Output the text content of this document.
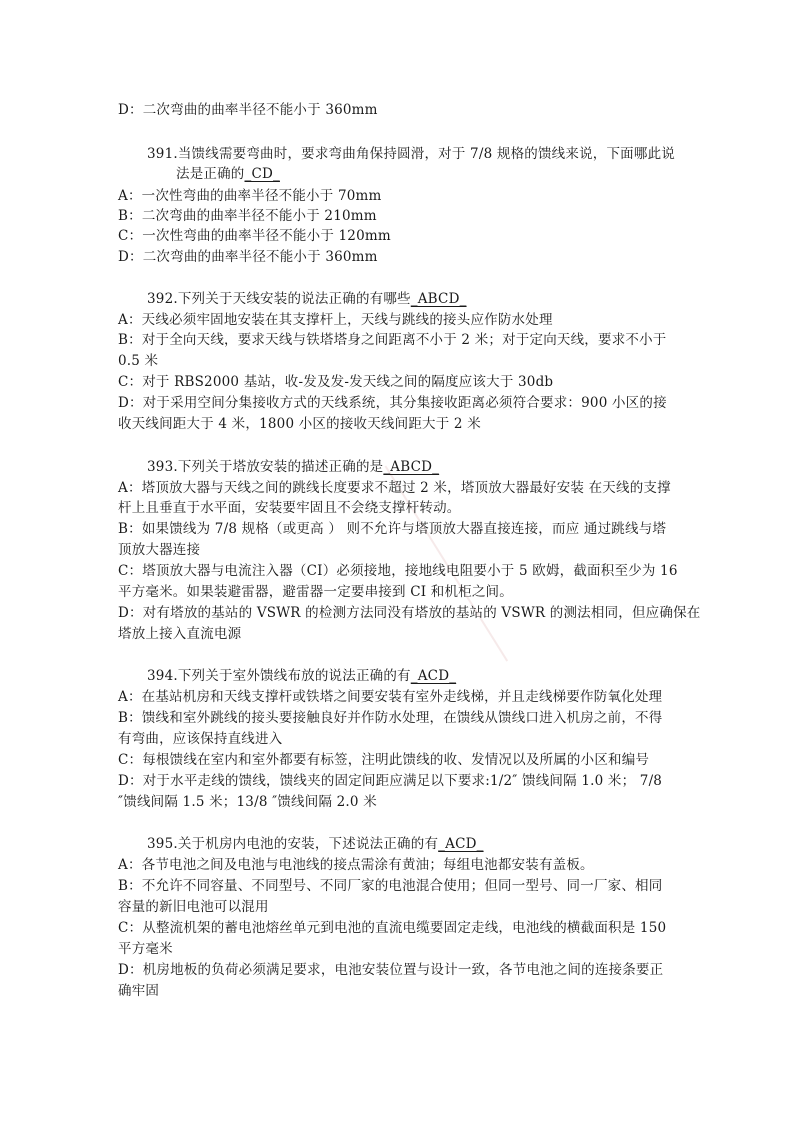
D：二次弯曲的曲率半径不能小于 360mm
391.当馈线需要弯曲时，要求弯曲角保持圆滑，对于 7/8 规格的馈线来说，下面哪此说
法是正确的_CD_
A：一次性弯曲的曲率半径不能小于 70mm
B：二次弯曲的曲率半径不能小于 210mm
C：一次性弯曲的曲率半径不能小于 120mm
D：二次弯曲的曲率半径不能小于 360mm
392.下列关于天线安装的说法正确的有哪些_ABCD_
A：天线必须牢固地安装在其支撑杆上，天线与跳线的接头应作防水处理
B：对于全向天线，要求天线与铁塔塔身之间距离不小于 2 米；对于定向天线，要求不小于
0.5 米
C：对于 RBS2000 基站，收-发及发-发天线之间的隔度应该大于 30db
D：对于采用空间分集接收方式的天线系统，其分集接收距离必须符合要求：900 小区的接
收天线间距大于 4 米，1800 小区的接收天线间距大于 2 米
393.下列关于塔放安装的描述正确的是_ABCD_
A：塔顶放大器与天线之间的跳线长度要求不超过 2 米，塔顶放大器最好安装 在天线的支撑
杆上且垂直于水平面，安装要牢固且不会绕支撑杆转动。
B：如果馈线为 7/8 规格（或更高 ） 则不允许与塔顶放大器直接连接，而应 通过跳线与塔
顶放大器连接
C：塔顶放大器与电流注入器（CI）必须接地，接地线电阻要小于 5 欧姆，截面积至少为 16
平方毫米。如果装避雷器，避雷器一定要串接到 CI 和机柜之间。
D：对有塔放的基站的 VSWR 的检测方法同没有塔放的基站的 VSWR 的测法相同，但应确保在
塔放上接入直流电源
394.下列关于室外馈线布放的说法正确的有_ACD_
A：在基站机房和天线支撑杆或铁塔之间要安装有室外走线梯，并且走线梯要作防氧化处理
B：馈线和室外跳线的接头要接触良好并作防水处理，在馈线从馈线口进入机房之前，不得
有弯曲，应该保持直线进入
C：每根馈线在室内和室外都要有标签，注明此馈线的收、发情况以及所属的小区和编号
D：对于水平走线的馈线，馈线夹的固定间距应满足以下要求:1/2″ 馈线间隔 1.0 米； 7/8
″馈线间隔 1.5 米；13/8 ″馈线间隔 2.0 米
395.关于机房内电池的安装，下述说法正确的有_ACD_
A：各节电池之间及电池与电池线的接点需涂有黄油；每组电池都安装有盖板。
B：不允许不同容量、不同型号、不同厂家的电池混合使用；但同一型号、同一厂家、相同
容量的新旧电池可以混用
C：从整流机架的蓄电池熔丝单元到电池的直流电缆要固定走线，电池线的横截面积是 150
平方毫米
D：机房地板的负荷必须满足要求，电池安装位置与设计一致，各节电池之间的连接条要正
确牢固
